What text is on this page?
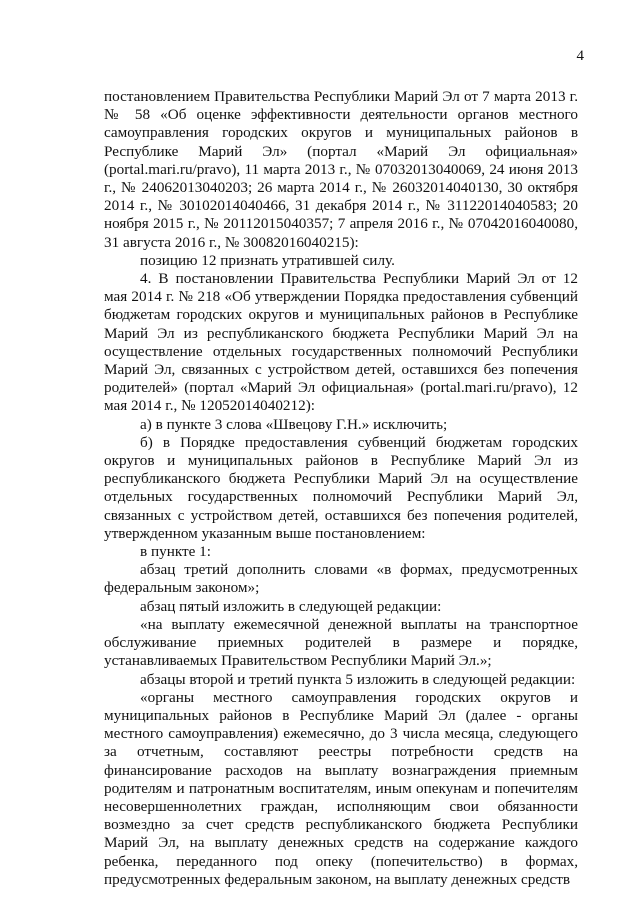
4

постановлением Правительства Республики Марий Эл от 7 марта 2013 г. № 58 «Об оценке эффективности деятельности органов местного самоуправления городских округов и муниципальных районов в Республике Марий Эл» (портал «Марий Эл официальная» (portal.mari.ru/pravo), 11 марта 2013 г., № 07032013040069, 24 июня 2013 г., № 24062013040203; 26 марта 2014 г., № 26032014040130, 30 октября 2014 г., № 30102014040466, 31 декабря 2014 г., № 31122014040583; 20 ноября 2015 г., № 20112015040357; 7 апреля 2016 г., № 07042016040080, 31 августа 2016 г., № 30082016040215):

позицию 12 признать утратившей силу.

4. В постановлении Правительства Республики Марий Эл от 12 мая 2014 г. № 218 «Об утверждении Порядка предоставления субвенций бюджетам городских округов и муниципальных районов в Республике Марий Эл из республиканского бюджета Республики Марий Эл на осуществление отдельных государственных полномочий Республики Марий Эл, связанных с устройством детей, оставшихся без попечения родителей» (портал «Марий Эл официальная» (portal.mari.ru/pravo), 12 мая 2014 г., № 12052014040212):

а) в пункте 3 слова «Швецову Г.Н.» исключить;

б) в Порядке предоставления субвенций бюджетам городских округов и муниципальных районов в Республике Марий Эл из республиканского бюджета Республики Марий Эл на осуществление отдельных государственных полномочий Республики Марий Эл, связанных с устройством детей, оставшихся без попечения родителей, утвержденном указанным выше постановлением:

в пункте 1:

абзац третий дополнить словами «в формах, предусмотренных федеральным законом»;

абзац пятый изложить в следующей редакции:

«на выплату ежемесячной денежной выплаты на транспортное обслуживание приемных родителей в размере и порядке, устанавливаемых Правительством Республики Марий Эл.»;

абзацы второй и третий пункта 5 изложить в следующей редакции:

«органы местного самоуправления городских округов и муниципальных районов в Республике Марий Эл (далее - органы местного самоуправления) ежемесячно, до 3 числа месяца, следующего за отчетным, составляют реестры потребности средств на финансирование расходов на выплату вознаграждения приемным родителям и патронатным воспитателям, иным опекунам и попечителям несовершеннолетних граждан, исполняющим свои обязанности возмездно за счет средств республиканского бюджета Республики Марий Эл, на выплату денежных средств на содержание каждого ребенка, переданного под опеку (попечительство) в формах, предусмотренных федеральным законом, на выплату денежных средств
